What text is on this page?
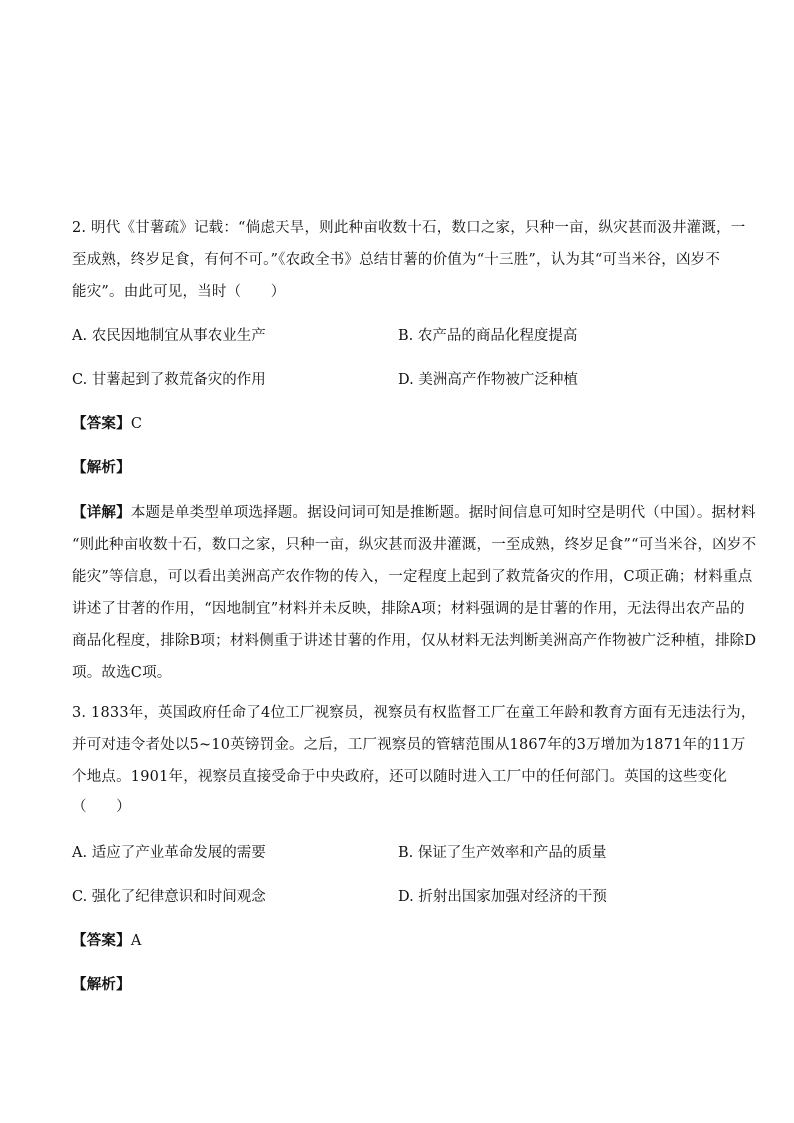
2. 明代《甘薯疏》记载：“倘虑天旱，则此种亩收数十石，数口之家，只种一亩，纵灾甚而汲井灌溉，一
至成熟，终岁足食，有何不可。”《农政全书》总结甘薯的价值为“十三胜”，认为其“可当米谷，凶岁不
能灾”。由此可见，当时（　　）
A. 农民因地制宜从事农业生产	B. 农产品的商品化程度提高
C. 甘薯起到了救荒备灾的作用	D. 美洲高产作物被广泛种植
【答案】C
【解析】
【详解】本题是单类型单项选择题。据设问词可知是推断题。据时间信息可知时空是明代（中国）。据材料
“则此种亩收数十石，数口之家，只种一亩，纵灾甚而汲井灌溉，一至成熟，终岁足食”“可当米谷，凶岁不
能灾”等信息，可以看出美洲高产农作物的传入，一定程度上起到了救荒备灾的作用，C项正确；材料重点
讲述了甘著的作用，“因地制宜”材料并未反映，排除A项；材料强调的是甘薯的作用，无法得出农产品的
商品化程度，排除B项；材料侧重于讲述甘薯的作用，仅从材料无法判断美洲高产作物被广泛种植，排除D
项。故选C项。
3. 1833年，英国政府任命了4位工厂视察员，视察员有权监督工厂在童工年龄和教育方面有无违法行为，
并可对违令者处以5~10英镑罚金。之后，工厂视察员的管辖范围从1867年的3万增加为1871年的11万
个地点。1901年，视察员直接受命于中央政府，还可以随时进入工厂中的任何部门。英国的这些变化
（　　）
A. 适应了产业革命发展的需要	B. 保证了生产效率和产品的质量
C. 强化了纪律意识和时间观念	D. 折射出国家加强对经济的干预
【答案】A
【解析】
